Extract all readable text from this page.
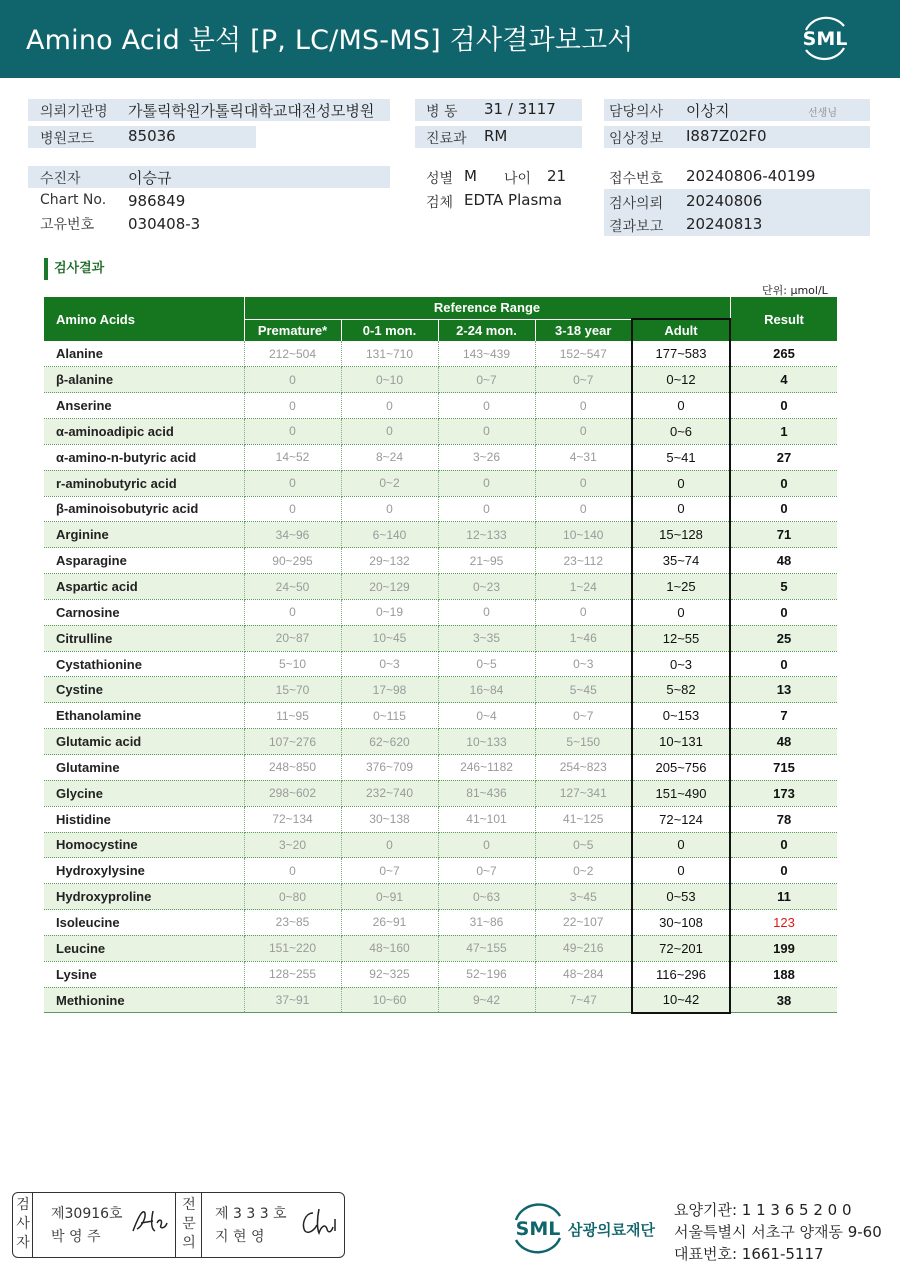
Amino Acid 분석 [P, LC/MS-MS] 검사결과보고서	SML
의뢰기관명 가톨릭학원가톨릭대학교대전성모병원
병원코드 85036
수진자	이승규
Chart No. 986849
고유번호 030408-3
병 동 31 / 3117
진료과 RM
성별 M 나이 21
검체 EDTA Plasma
담당의사 이상지	선생님
임상정보 I887Z02F0
접수번호 20240806-40199
검사의뢰 20240806
결과보고 20240813
검사결과
단위: μmol/L
Amino Acids	Reference Range					Result
	Premature*	0-1 mon.	2-24 mon.	3-18 year	Adult	
Alanine	212~504	131~710	143~439	152~547	177~583	265
β-alanine	0	0~10	0~7	0~7	0~12	4
Anserine	0	0	0	0	0	0
α-aminoadipic acid	0	0	0	0	0~6	1
α-amino-n-butyric acid	14~52	8~24	3~26	4~31	5~41	27
r-aminobutyric acid	0	0~2	0	0	0	0
β-aminoisobutyric acid	0	0	0	0	0	0
Arginine	34~96	6~140	12~133	10~140	15~128	71
Asparagine	90~295	29~132	21~95	23~112	35~74	48
Aspartic acid	24~50	20~129	0~23	1~24	1~25	5
Carnosine	0	0~19	0	0	0	0
Citrulline	20~87	10~45	3~35	1~46	12~55	25
Cystathionine	5~10	0~3	0~5	0~3	0~3	0
Cystine	15~70	17~98	16~84	5~45	5~82	13
Ethanolamine	11~95	0~115	0~4	0~7	0~153	7
Glutamic acid	107~276	62~620	10~133	5~150	10~131	48
Glutamine	248~850	376~709	246~1182	254~823	205~756	715
Glycine	298~602	232~740	81~436	127~341	151~490	173
Histidine	72~134	30~138	41~101	41~125	72~124	78
Homocystine	3~20	0	0	0~5	0	0
Hydroxylysine	0	0~7	0~7	0~2	0	0
Hydroxyproline	0~80	0~91	0~63	3~45	0~53	11
Isoleucine	23~85	26~91	31~86	22~107	30~108	123
Leucine	151~220	48~160	47~155	49~216	72~201	199
Lysine	128~255	92~325	52~196	48~284	116~296	188
Methionine	37~91	10~60	9~42	7~47	10~42	38
검
사
자
제30916호
박 영 주
전
문
의
제 3 3 3 호
지 현 영	SML 삼광의료재단
요양기관: 1 1 3 6 5 2 0 0
서울특별시 서초구 양재동 9-60
대표번호: 1661-5117
